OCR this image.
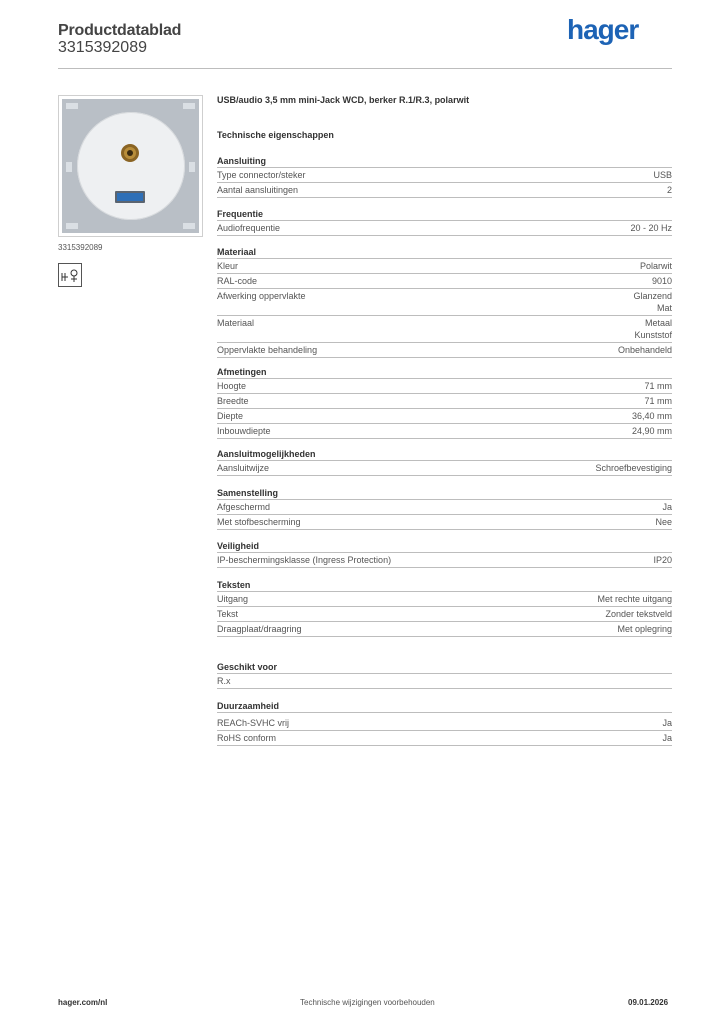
Productdatablad
3315392089
hager
3315392089
USB/audio 3,5 mm mini-Jack WCD, berker R.1/R.3, polarwit
Technische eigenschappen
Aansluiting
Type connector/steker	USB
Aantal aansluitingen	2
Frequentie
Audiofrequentie	20 - 20 Hz
Materiaal
Kleur	Polarwit
RAL-code	9010
Afwerking oppervlakte	Glanzend
Mat
Materiaal	Metaal
Kunststof
Oppervlakte behandeling	Onbehandeld
Afmetingen
Hoogte	71 mm
Breedte	71 mm
Diepte	36,40 mm
Inbouwdiepte	24,90 mm
Aansluitmogelijkheden
Aansluitwijze	Schroefbevestiging
Samenstelling
Afgeschermd	Ja
Met stofbescherming	Nee
Veiligheid
IP-beschermingsklasse (Ingress Protection)	IP20
Teksten
Uitgang	Met rechte uitgang
Tekst	Zonder tekstveld
Draagplaat/draagring	Met oplegring
Geschikt voor
R.x
Duurzaamheid
REACh-SVHC vrij	Ja
RoHS conform	Ja
hager.com/nl	Technische wijzigingen voorbehouden	09.01.2026
